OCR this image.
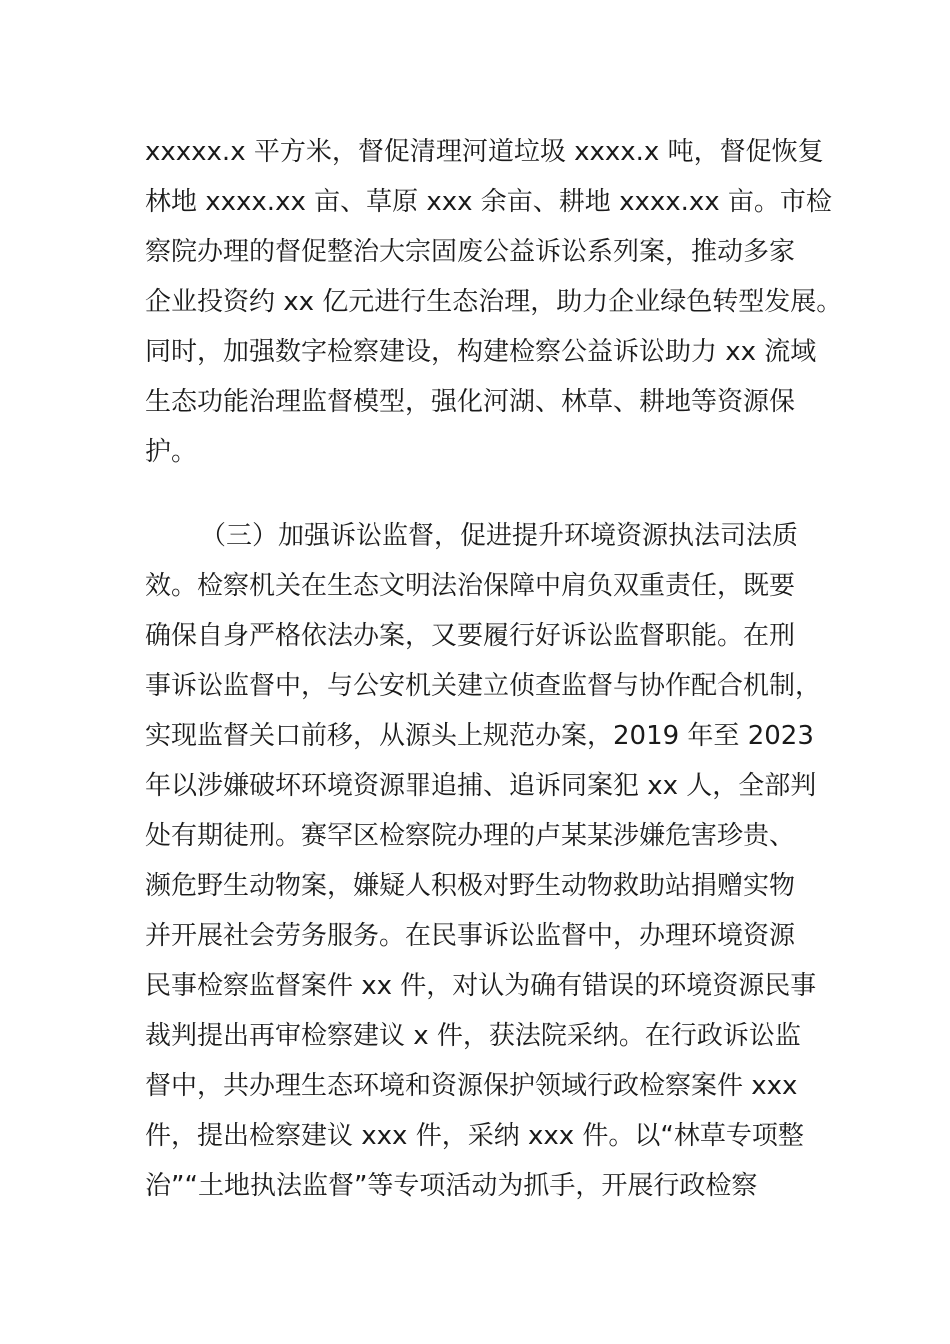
xxxxx.x 平方米，督促清理河道垃圾 xxxx.x 吨，督促恢复
林地 xxxx.xx 亩、草原 xxx 余亩、耕地 xxxx.xx 亩。市检
察院办理的督促整治大宗固废公益诉讼系列案，推动多家
企业投资约 xx 亿元进行生态治理，助力企业绿色转型发展。
同时，加强数字检察建设，构建检察公益诉讼助力 xx 流域
生态功能治理监督模型，强化河湖、林草、耕地等资源保
护。
（三）加强诉讼监督，促进提升环境资源执法司法质
效。检察机关在生态文明法治保障中肩负双重责任，既要
确保自身严格依法办案，又要履行好诉讼监督职能。在刑
事诉讼监督中，与公安机关建立侦查监督与协作配合机制，
实现监督关口前移，从源头上规范办案，2019 年至 2023
年以涉嫌破坏环境资源罪追捕、追诉同案犯 xx 人，全部判
处有期徒刑。赛罕区检察院办理的卢某某涉嫌危害珍贵、
濒危野生动物案，嫌疑人积极对野生动物救助站捐赠实物
并开展社会劳务服务。在民事诉讼监督中，办理环境资源
民事检察监督案件 xx 件，对认为确有错误的环境资源民事
裁判提出再审检察建议 x 件，获法院采纳。在行政诉讼监
督中，共办理生态环境和资源保护领域行政检察案件 xxx
件，提出检察建议 xxx 件，采纳 xxx 件。以“林草专项整
治”“土地执法监督”等专项活动为抓手，开展行政检察
